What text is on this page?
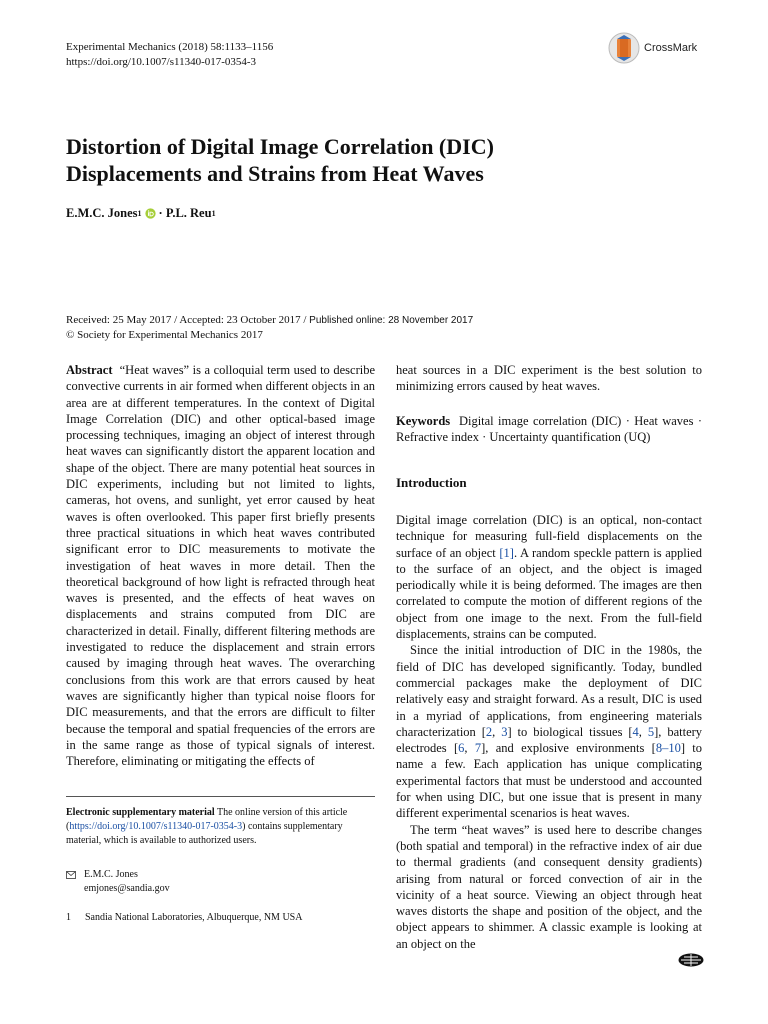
Experimental Mechanics (2018) 58:1133–1156
https://doi.org/10.1007/s11340-017-0354-3
CrossMark
Distortion of Digital Image Correlation (DIC)
Displacements and Strains from Heat Waves
E.M.C. Jones 1 · P.L. Reu 1
Received: 25 May 2017 / Accepted: 23 October 2017 / Published online: 28 November 2017
© Society for Experimental Mechanics 2017
Abstract “Heat waves” is a colloquial term used to describe convective currents in air formed when different objects in an area are at different temperatures. In the context of Digital Image Correlation (DIC) and other optical-based image processing techniques, imaging an object of interest through heat waves can significantly distort the apparent location and shape of the object. There are many potential heat sources in DIC experiments, including but not limited to lights, cameras, hot ovens, and sunlight, yet error caused by heat waves is often overlooked. This paper first briefly presents three practical situations in which heat waves contributed significant error to DIC measurements to motivate the investigation of heat waves in more detail. Then the theoretical background of how light is refracted through heat waves is presented, and the effects of heat waves on displacements and strains computed from DIC are characterized in detail. Finally, different filtering methods are investigated to reduce the displacement and strain errors caused by imaging through heat waves. The overarching conclusions from this work are that errors caused by heat waves are significantly higher than typical noise floors for DIC measurements, and that the errors are difficult to filter because the temporal and spatial frequencies of the errors are in the same range as those of typical signals of interest. Therefore, eliminating or mitigating the effects of
heat sources in a DIC experiment is the best solution to minimizing errors caused by heat waves.
Keywords Digital image correlation (DIC) · Heat waves · Refractive index · Uncertainty quantification (UQ)
Introduction

Digital image correlation (DIC) is an optical, non-contact technique for measuring full-field displacements on the surface of an object [1]. A random speckle pattern is applied to the surface of an object, and the object is imaged periodically while it is being deformed. The images are then correlated to compute the motion of different regions of the object from one image to the next. From the full-field displacements, strains can be computed.

Since the initial introduction of DIC in the 1980s, the field of DIC has developed significantly. Today, bundled commercial packages make the deployment of DIC relatively easy and straight forward. As a result, DIC is used in a myriad of applications, from engineering materials characterization [2, 3] to biological tissues [4, 5], battery electrodes [6, 7], and explosive environments [8–10] to name a few. Each application has unique complicating experimental factors that must be understood and accounted for when using DIC, but one issue that is present in many different experimental scenarios is heat waves.

The term “heat waves” is used here to describe changes (both spatial and temporal) in the refractive index of air due to thermal gradients (and consequent density gradients) arising from natural or forced convection of air in the vicinity of a heat source. Viewing an object through heat waves distorts the shape and position of the object, and the object appears to shimmer. A classic example is looking at an object on the

Electronic supplementary material The online version of this article (https://doi.org/10.1007/s11340-017-0354-3) contains supplementary material, which is available to authorized users.
E.M.C. Jones
emjones@sandia.gov
1 Sandia National Laboratories, Albuquerque, NM USA
